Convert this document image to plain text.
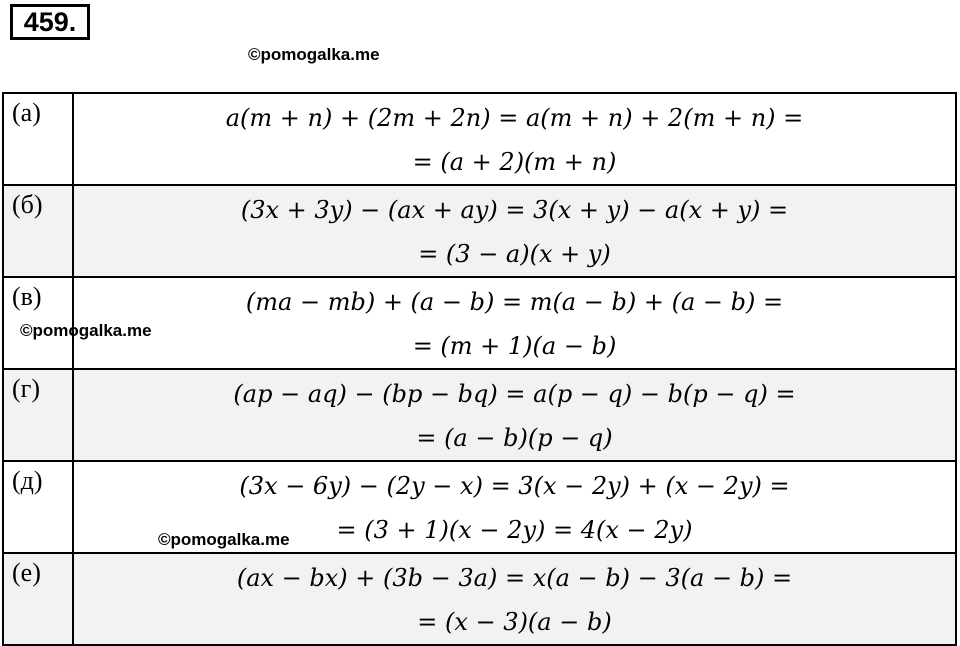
459.
(а)	a(m + n) + (2m + 2n) = a(m + n) + 2(m + n) =
= (a + 2)(m + n)

(б)	(3x + 3y) − (ax + ay) = 3(x + y) − a(x + y) =
= (3 − a)(x + y)

(в)	(ma − mb) + (a − b) = m(a − b) + (a − b) =
= (m + 1)(a − b)

(г)	(ap − aq) − (bp − bq) = a(p − q) − b(p − q) =
= (a − b)(p − q)

(д)	(3x − 6y) − (2y − x) = 3(x − 2y) + (x − 2y) =
= (3 + 1)(x − 2y) = 4(x − 2y)

(е)	(ax − bx) + (3b − 3a) = x(a − b) − 3(a − b) =
= (x − 3)(a − b)
©pomogalka.me
©pomogalka.me
©pomogalka.me
